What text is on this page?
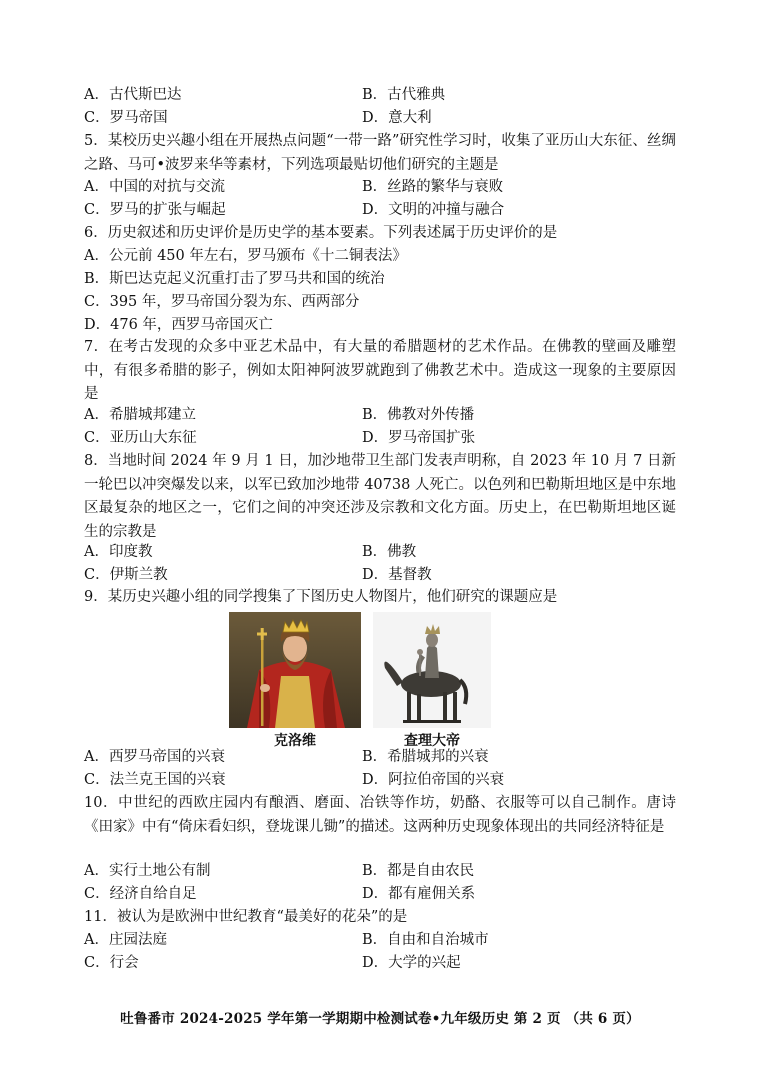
A．古代斯巴达	B．古代雅典
C．罗马帝国	D．意大利
5．某校历史兴趣小组在开展热点问题“一带一路”研究性学习时，收集了亚历山大东征、丝绸之路、马可•波罗来华等素材，下列选项最贴切他们研究的主题是
A．中国的对抗与交流	B．丝路的繁华与衰败
C．罗马的扩张与崛起	D．文明的冲撞与融合
6．历史叙述和历史评价是历史学的基本要素。下列表述属于历史评价的是
A．公元前 450 年左右，罗马颁布《十二铜表法》
B．斯巴达克起义沉重打击了罗马共和国的统治
C．395 年，罗马帝国分裂为东、西两部分
D．476 年，西罗马帝国灭亡
7．在考古发现的众多中亚艺术品中，有大量的希腊题材的艺术作品。在佛教的壁画及雕塑中，有很多希腊的影子，例如太阳神阿波罗就跑到了佛教艺术中。造成这一现象的主要原因是
A．希腊城邦建立	B．佛教对外传播
C．亚历山大东征	D．罗马帝国扩张
8．当地时间 2024 年 9 月 1 日，加沙地带卫生部门发表声明称，自 2023 年 10 月 7 日新一轮巴以冲突爆发以来，以军已致加沙地带 40738 人死亡。以色列和巴勒斯坦地区是中东地区最复杂的地区之一，它们之间的冲突还涉及宗教和文化方面。历史上，在巴勒斯坦地区诞生的宗教是
A．印度教	B．佛教
C．伊斯兰教	D．基督教
9．某历史兴趣小组的同学搜集了下图历史人物图片，他们研究的课题应是
克洛维	查理大帝
A．西罗马帝国的兴衰	B．希腊城邦的兴衰
C．法兰克王国的兴衰	D．阿拉伯帝国的兴衰
10．中世纪的西欧庄园内有酿酒、磨面、冶铁等作坊，奶酪、衣服等可以自己制作。唐诗《田家》中有“倚床看妇织，登垅课儿锄”的描述。这两种历史现象体现出的共同经济特征是
A．实行土地公有制	B．都是自由农民
C．经济自给自足	D．都有雇佣关系
11．被认为是欧洲中世纪教育“最美好的花朵”的是
A．庄园法庭	B．自由和自治城市
C．行会	D．大学的兴起
吐鲁番市 2024-2025 学年第一学期期中检测试卷•九年级历史 第 2 页 （共 6 页）
